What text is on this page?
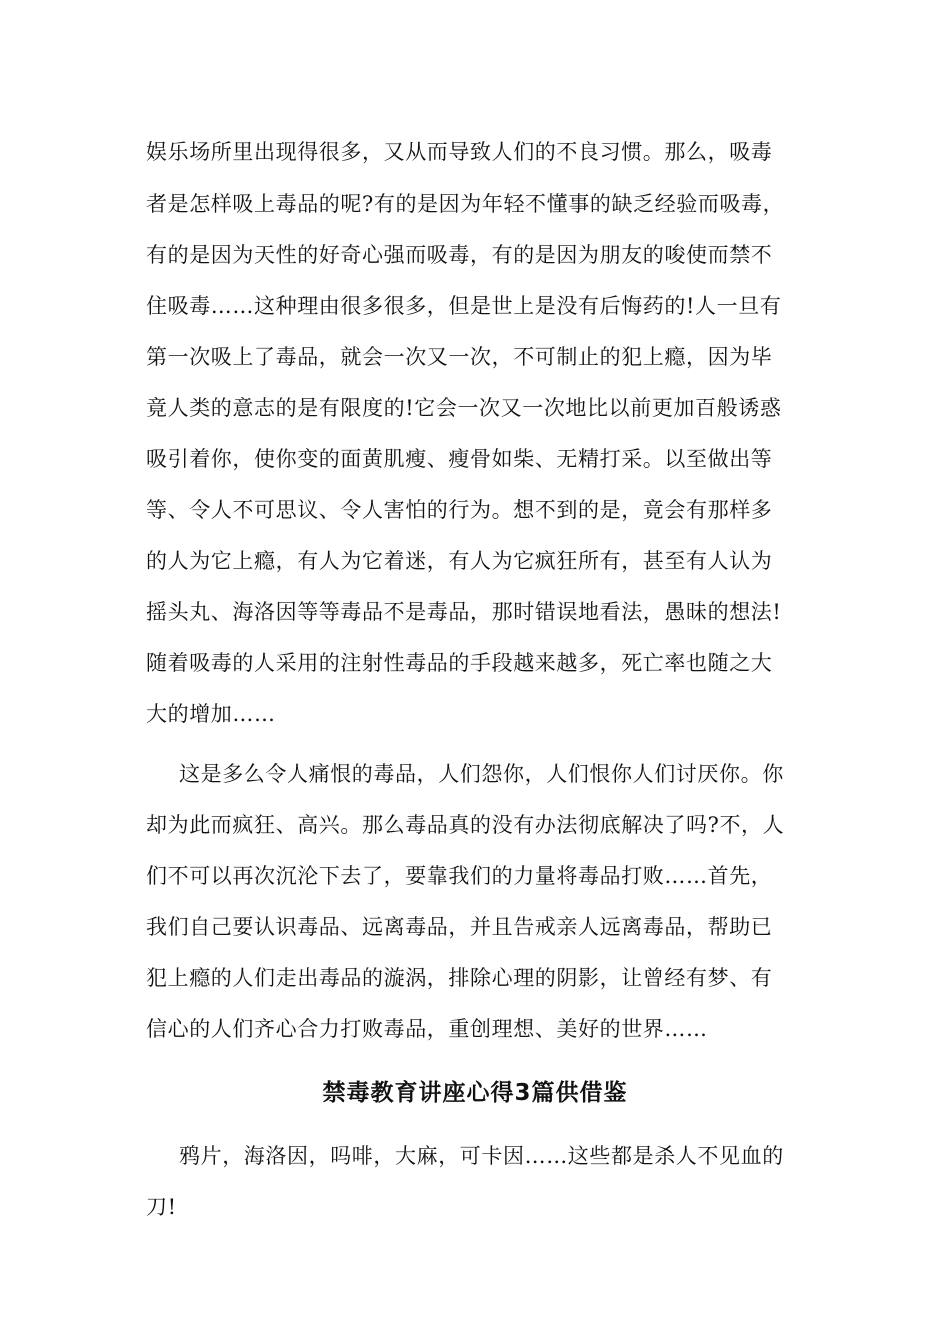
娱乐场所里出现得很多，又从而导致人们的不良习惯。那么，吸毒
者是怎样吸上毒品的呢?有的是因为年轻不懂事的缺乏经验而吸毒，
有的是因为天性的好奇心强而吸毒，有的是因为朋友的唆使而禁不
住吸毒……这种理由很多很多，但是世上是没有后悔药的!人一旦有
第一次吸上了毒品，就会一次又一次，不可制止的犯上瘾，因为毕
竟人类的意志的是有限度的!它会一次又一次地比以前更加百般诱惑
吸引着你，使你变的面黄肌瘦、瘦骨如柴、无精打采。以至做出等
等、令人不可思议、令人害怕的行为。想不到的是，竟会有那样多
的人为它上瘾，有人为它着迷，有人为它疯狂所有，甚至有人认为
摇头丸、海洛因等等毒品不是毒品，那时错误地看法，愚昧的想法!
随着吸毒的人采用的注射性毒品的手段越来越多，死亡率也随之大
大的增加……
这是多么令人痛恨的毒品，人们怨你，人们恨你人们讨厌你。你
却为此而疯狂、高兴。那么毒品真的没有办法彻底解决了吗?不，人
们不可以再次沉沦下去了，要靠我们的力量将毒品打败……首先，
我们自己要认识毒品、远离毒品，并且告戒亲人远离毒品，帮助已
犯上瘾的人们走出毒品的漩涡，排除心理的阴影，让曾经有梦、有
信心的人们齐心合力打败毒品，重创理想、美好的世界……
禁毒教育讲座心得3篇供借鉴
鸦片，海洛因，吗啡，大麻，可卡因……这些都是杀人不见血的
刀!
